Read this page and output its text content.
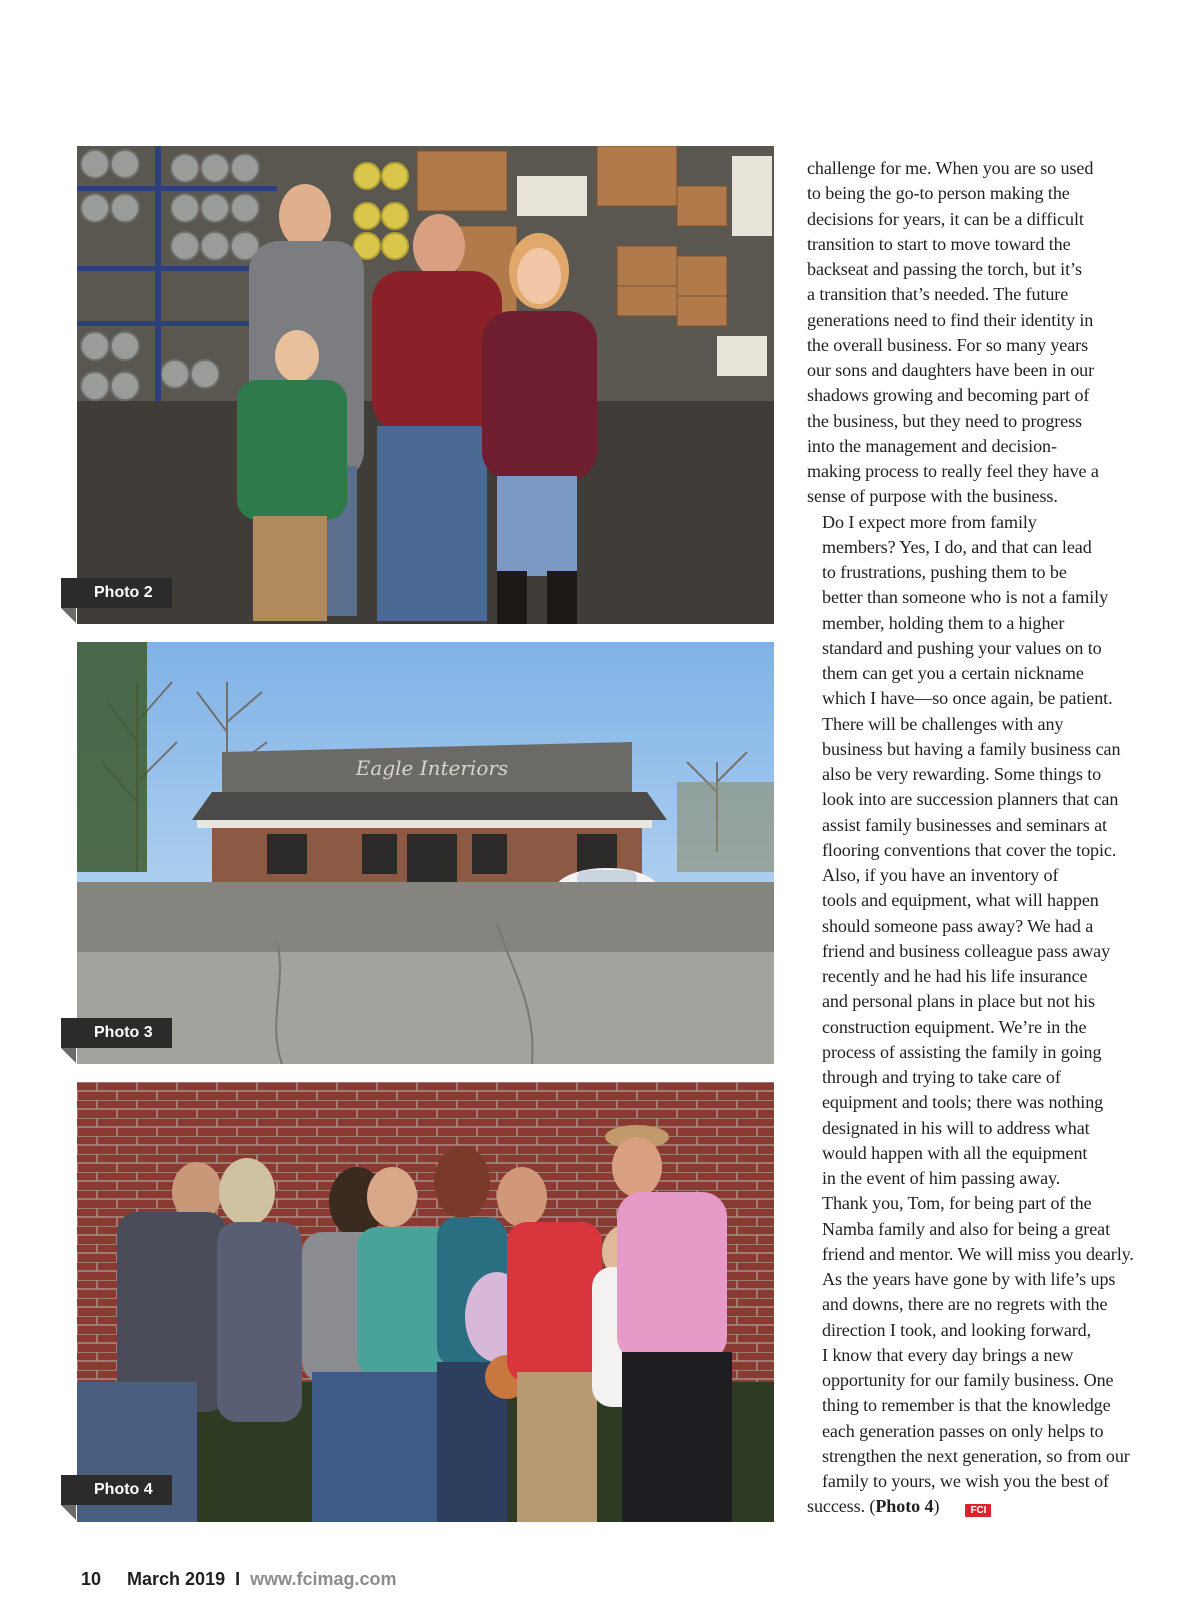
Photo 2
Eagle Interiors
Photo 3
Photo 4

challenge for me. When you are so used
to being the go-to person making the
decisions for years, it can be a difficult
transition to start to move toward the
backseat and passing the torch, but it’s
a transition that’s needed. The future
generations need to find their identity in
the overall business. For so many years
our sons and daughters have been in our
shadows growing and becoming part of
the business, but they need to progress
into the management and decision-
making process to really feel they have a
sense of purpose with the business.

Do I expect more from family
members? Yes, I do, and that can lead
to frustrations, pushing them to be
better than someone who is not a family
member, holding them to a higher
standard and pushing your values on to
them can get you a certain nickname
which I have—so once again, be patient.

There will be challenges with any
business but having a family business can
also be very rewarding. Some things to
look into are succession planners that can
assist family businesses and seminars at
flooring conventions that cover the topic.

Also, if you have an inventory of
tools and equipment, what will happen
should someone pass away? We had a
friend and business colleague pass away
recently and he had his life insurance
and personal plans in place but not his
construction equipment. We’re in the
process of assisting the family in going
through and trying to take care of
equipment and tools; there was nothing
designated in his will to address what
would happen with all the equipment
in the event of him passing away.

Thank you, Tom, for being part of the
Namba family and also for being a great
friend and mentor. We will miss you dearly.

As the years have gone by with life’s ups
and downs, there are no regrets with the
direction I took, and looking forward,
I know that every day brings a new
opportunity for our family business. One
thing to remember is that the knowledge
each generation passes on only helps to
strengthen the next generation, so from our
family to yours, we wish you the best of

success. (Photo 4)	FCI
10 March 2019 I www.fcimag.com
